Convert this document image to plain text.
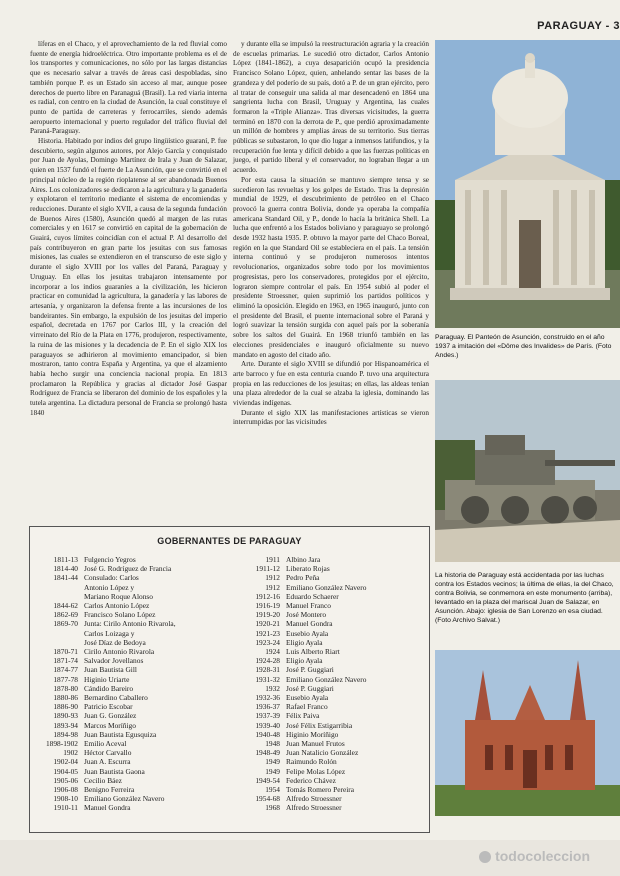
PARAGUAY - 3

líferas en el Chaco, y el aprovechamiento de la red fluvial como fuente de energía hidroeléctrica. Otro importante problema es el de los transportes y comunicaciones, no sólo por las largas distancias que es necesario salvar a través de áreas casi despobladas, sino también porque P. es un Estado sin acceso al mar, aunque posee derechos de puerto libre en Paranaguá (Brasil). La red viaria interna es radial, con centro en la ciudad de Asunción, la cual constituye el punto de partida de carreteras y ferrocarriles, siendo además aeropuerto internacional y puerto regulador del tráfico fluvial del Paraná-Paraguay.

Historia. Habitado por indios del grupo lingüístico guaraní, P. fue descubierto, según algunos autores, por Alejo García y conquistado por Juan de Ayolas, Domingo Martínez de Irala y Juan de Salazar, quien en 1537 fundó el fuerte de La Asunción, que se convirtió en el principal núcleo de la región rioplatense al ser abandonada Buenos Aires. Los colonizadores se dedicaron a la agricultura y la ganadería y explotaron el territorio mediante el sistema de encomiendas y reducciones. Durante el siglo XVII, a causa de la segunda fundación de Buenos Aires (1580), Asunción quedó al margen de las rutas comerciales y en 1617 se convirtió en capital de la gobernación de Guairá, cuyos límites coincidían con el actual P. Al desarrollo del país contribuyeron en gran parte los jesuitas con sus famosas misiones, las cuales se extendieron en el transcurso de este siglo y durante el siglo XVIII por los valles del Paraná, Paraguay y Uruguay. En ellas los jesuitas trabajaron intensamente por incorporar a los indios guaraníes a la civilización, les hicieron practicar en comunidad la agricultura, la ganadería y las labores de artesanía, y organizaron la defensa frente a las incursiones de los bandeirantes. Sin embargo, la expulsión de los jesuitas del imperio español, decretada en 1767 por Carlos III, y la creación del virreinato del Río de la Plata en 1776, produjeron, respectivamente, la ruina de las misiones y la decadencia de P. En el siglo XIX los paraguayos se adhirieron al movimiento emancipador, si bien mostraron, tanto contra España y Argentina, ya que el alzamiento había hecho surgir una conciencia nacional propia. En 1813 proclamaron la República y gracias al dictador José Gaspar Rodríguez de Francia se liberaron del dominio de los españoles y la tutela argentina. La dictadura personal de Francia se prolongó hasta 1840

y durante ella se impulsó la reestructuración agraria y la creación de escuelas primarias. Le sucedió otro dictador, Carlos Antonio López (1841-1862), a cuya desaparición ocupó la presidencia Francisco Solano López, quien, anhelando sentar las bases de la grandeza y del poderío de su país, dotó a P. de un gran ejército, pero al tratar de conseguir una salida al mar desencadenó en 1864 una sangrienta lucha con Brasil, Uruguay y Argentina, las cuales formaron la «Triple Alianza». Tras diversas vicisitudes, la guerra terminó en 1870 con la derrota de P., que perdió aproximadamente un millón de hombres y amplias áreas de su territorio. Sus tierras públicas se subastaron, lo que dio lugar a inmensos latifundios, y la recuperación fue lenta y difícil debido a que las fuerzas políticas en juego, el partido liberal y el conservador, no lograban llegar a un acuerdo.

Por esta causa la situación se mantuvo siempre tensa y se sucedieron las revueltas y los golpes de Estado. Tras la depresión mundial de 1929, el descubrimiento de petróleo en el Chaco provocó la guerra contra Bolivia, donde ya operaba la compañía americana Standard Oil, y P., donde lo hacía la británica Shell. La lucha que enfrentó a los Estados boliviano y paraguayo se prolongó desde 1932 hasta 1935. P. obtuvo la mayor parte del Chaco Boreal, región en la que Standard Oil se estableciera en el país. La tensión interna continuó y se produjeron numerosos intentos revolucionarios, organizados sobre todo por los movimientos progresistas, pero los conservadores, protegidos por el ejército, lograron siempre controlar el país. En 1954 subió al poder el presidente Stroessner, quien suprimió los partidos políticos y eliminó la oposición. Elegido en 1963, en 1965 inauguró, junto con el presidente del Brasil, el puente internacional sobre el Paraná y logró suavizar la tensión surgida con aquel país por la soberanía sobre los saltos del Guairá. En 1968 triunfó también en las elecciones presidenciales e inauguró oficialmente su nuevo mandato en agosto del citado año.

Arte. Durante el siglo XVIII se difundió por Hispanoamérica el arte barroco y fue en esta centuria cuando P. tuvo una arquitectura propia en las reducciones de los jesuitas; en ellas, las aldeas tenían una plaza alrededor de la cual se alzaba la iglesia, dominando las viviendas indígenas.

Durante el siglo XIX las manifestaciones artísticas se vieron interrumpidas por las vicisitudes

Paraguay. El Panteón de Asunción, construido en el año 1937 a imitación del «Dôme des Invalides» de París. (Foto Andes.)
La historia de Paraguay está accidentada por las luchas contra los Estados vecinos; la última de ellas, la del Chaco, contra Bolivia, se conmemora en este monumento (arriba), levantado en la plaza del mariscal Juan de Salazar, en Asunción. Abajo: iglesia de San Lorenzo en esa ciudad. (Foto Archivo Salvat.)
GOBERNANTES DE PARAGUAY
1811-13 Fulgencio Yegros
1814-40 José G. Rodríguez de Francia
1841-44 Consulado: Carlos
Antonio López y
Mariano Roque Alonso
1844-62 Carlos Antonio López
1862-69 Francisco Solano López
1869-70 Junta: Cirilo Antonio Rivarola,
Carlos Loizaga y
José Díaz de Bedoya
1870-71 Cirilo Antonio Rivarola
1871-74 Salvador Jovellanos
1874-77 Juan Bautista Gill
1877-78 Higinio Uriarte
1878-80 Cándido Bareiro
1880-86 Bernardino Caballero
1886-90 Patricio Escobar
1890-93 Juan G. González
1893-94 Marcos Moríñigo
1894-98 Juan Bautista Egusquiza
1898-1902 Emilio Aceval
1902 Héctor Carvallo
1902-04 Juan A. Escurra
1904-05 Juan Bautista Gaona
1905-06 Cecilio Báez
1906-08 Benigno Ferreira
1908-10 Emiliano González Navero
1910-11 Manuel Gondra
1911 Albino Jara
1911-12 Liberato Rojas
1912 Pedro Peña
1912 Emiliano González Navero
1912-16 Eduardo Schaerer
1916-19 Manuel Franco
1919-20 José Montero
1920-21 Manuel Gondra
1921-23 Eusebio Ayala
1923-24 Eligio Ayala
1924 Luis Alberto Riart
1924-28 Eligio Ayala
1928-31 José P. Guggiari
1931-32 Emiliano González Navero
1932 José P. Guggiari
1932-36 Eusebio Ayala
1936-37 Rafael Franco
1937-39 Félix Paiva
1939-40 José Félix Estigarribia
1940-48 Higinio Moríñigo
1948 Juan Manuel Frutos
1948-49 Juan Natalicio González
1949 Raimundo Rolón
1949 Felipe Molas López
1949-54 Federico Chávez
1954 Tomás Romero Pereira
1954-68 Alfredo Stroessner
1968 Alfredo Stroessner
todocoleccion
